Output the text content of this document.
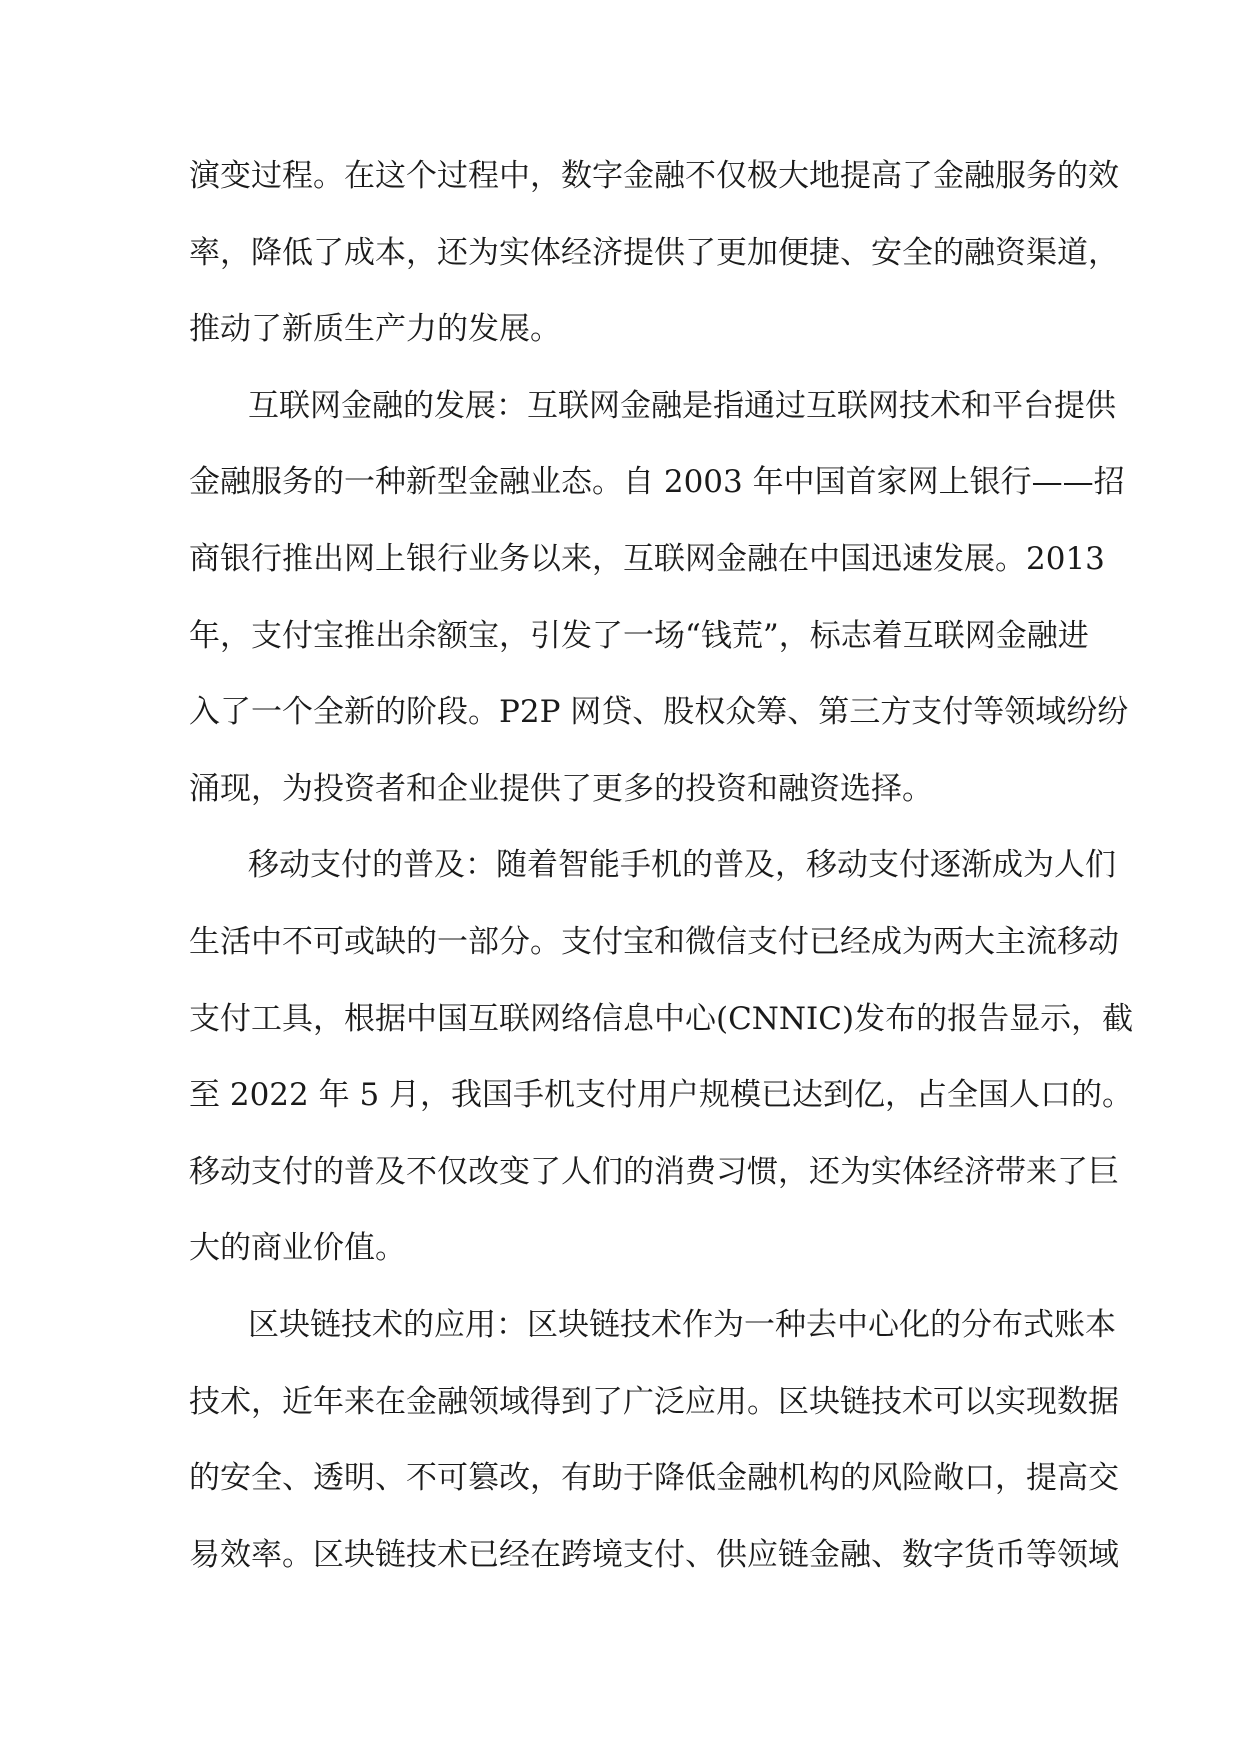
演变过程。在这个过程中，数字金融不仅极大地提高了金融服务的效
率，降低了成本，还为实体经济提供了更加便捷、安全的融资渠道，
推动了新质生产力的发展。
互联网金融的发展：互联网金融是指通过互联网技术和平台提供
金融服务的一种新型金融业态。自 2003 年中国首家网上银行——招
商银行推出网上银行业务以来，互联网金融在中国迅速发展。2013
年，支付宝推出余额宝，引发了一场“钱荒”，标志着互联网金融进
入了一个全新的阶段。P2P 网贷、股权众筹、第三方支付等领域纷纷
涌现，为投资者和企业提供了更多的投资和融资选择。
移动支付的普及：随着智能手机的普及，移动支付逐渐成为人们
生活中不可或缺的一部分。支付宝和微信支付已经成为两大主流移动
支付工具，根据中国互联网络信息中心(CNNIC)发布的报告显示，截
至 2022 年 5 月，我国手机支付用户规模已达到亿，占全国人口的。
移动支付的普及不仅改变了人们的消费习惯，还为实体经济带来了巨
大的商业价值。
区块链技术的应用：区块链技术作为一种去中心化的分布式账本
技术，近年来在金融领域得到了广泛应用。区块链技术可以实现数据
的安全、透明、不可篡改，有助于降低金融机构的风险敞口，提高交
易效率。区块链技术已经在跨境支付、供应链金融、数字货币等领域
